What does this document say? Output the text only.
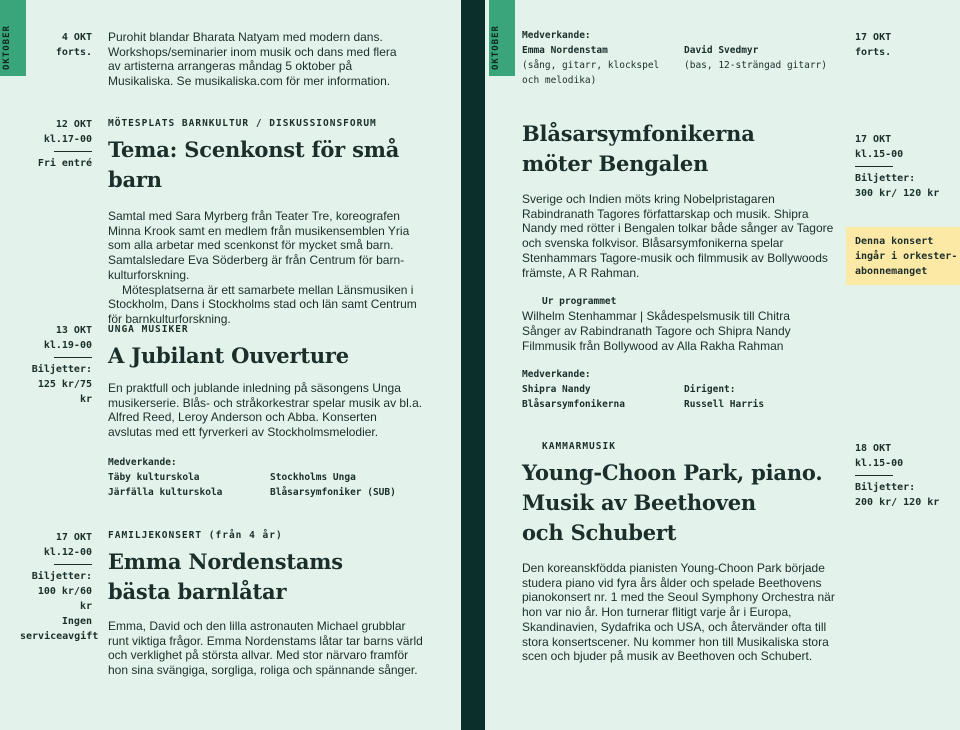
OKTOBER	OKTOBER
4 OKT
forts.
Purohit blandar Bharata Natyam med modern dans. Workshops/seminarier inom musik och dans med flera av artisterna arrangeras måndag 5 oktober på Musikaliska. Se musikaliska.com för mer information.
Medverkande:
Emma Nordenstam
(sång, gitarr, klockspel och melodika)
David Svedmyr
(bas, 12-strängad gitarr)
17 OKT
forts.
12 OKT
kl.17-00
Fri entré
MÖTESPLATS BARNKULTUR / DISKUSSIONSFORUM
Tema: Scenkonst för små barn
Samtal med Sara Myrberg från Teater Tre, koreografen Minna Krook samt en medlem från musikensemblen Yria som alla arbetar med scenkonst för mycket små barn. Samtalsledare Eva Söderberg är från Centrum för barnkulturforskning.
Mötesplatserna är ett samarbete mellan Länsmusiken i Stockholm, Dans i Stockholms stad och län samt Centrum för barnkulturforskning.
13 OKT
kl.19-00
Biljetter:
125 kr/75 kr
UNGA MUSIKER
A Jubilant Ouverture
En praktfull och jublande inledning på säsongens Unga musikerserie. Blås- och stråkorkestrar spelar musik av bl.a. Alfred Reed, Leroy Anderson och Abba. Konserten avslutas med ett fyrverkeri av Stockholmsmelodier.
Medverkande:
Täby kulturskola
Järfälla kulturskola
Stockholms Unga
Blåsarsymfoniker (SUB)
17 OKT
kl.12-00
Biljetter:
100 kr/60 kr
Ingen
serviceavgift
FAMILJEKONSERT (från 4 år)
Emma Nordenstams
bästa barnlåtar
Emma, David och den lilla astronauten Michael grubblar runt viktiga frågor. Emma Nordenstams låtar tar barns värld och verklighet på största allvar. Med stor närvaro framför hon sina svängiga, sorgliga, roliga och spännande sånger.
Blåsarsymfonikerna
möter Bengalen
Sverige och Indien möts kring Nobelpristagaren Rabindranath Tagores författarskap och musik. Shipra Nandy med rötter i Bengalen tolkar både sånger av Tagore och svenska folkvisor. Blåsarsymfonikerna spelar Stenhammars Tagore-musik och filmmusik av Bollywoods främste, A R Rahman.
Ur programmet
Wilhelm Stenhammar | Skådespelsmusik till Chitra
Sånger av Rabindranath Tagore och Shipra Nandy
Filmmusik från Bollywood av Alla Rakha Rahman
Medverkande:
Shipra Nandy
Blåsarsymfonikerna
Dirigent:
Russell Harris
17 OKT
kl.15-00
Biljetter:
300 kr/ 120 kr
Denna konsert
ingår i orkester-
abonnemanget
KAMMARMUSIK
Young-Choon Park, piano.
Musik av Beethoven
och Schubert
Den koreanskfödda pianisten Young-Choon Park började studera piano vid fyra års ålder och spelade Beethovens pianokonsert nr. 1 med the Seoul Symphony Orchestra när hon var nio år. Hon turnerar flitigt varje år i Europa, Skandinavien, Sydafrika och USA, och återvänder ofta till stora konsertscener. Nu kommer hon till Musikaliska stora scen och bjuder på musik av Beethoven och Schubert.
18 OKT
kl.15-00
Biljetter:
200 kr/ 120 kr
